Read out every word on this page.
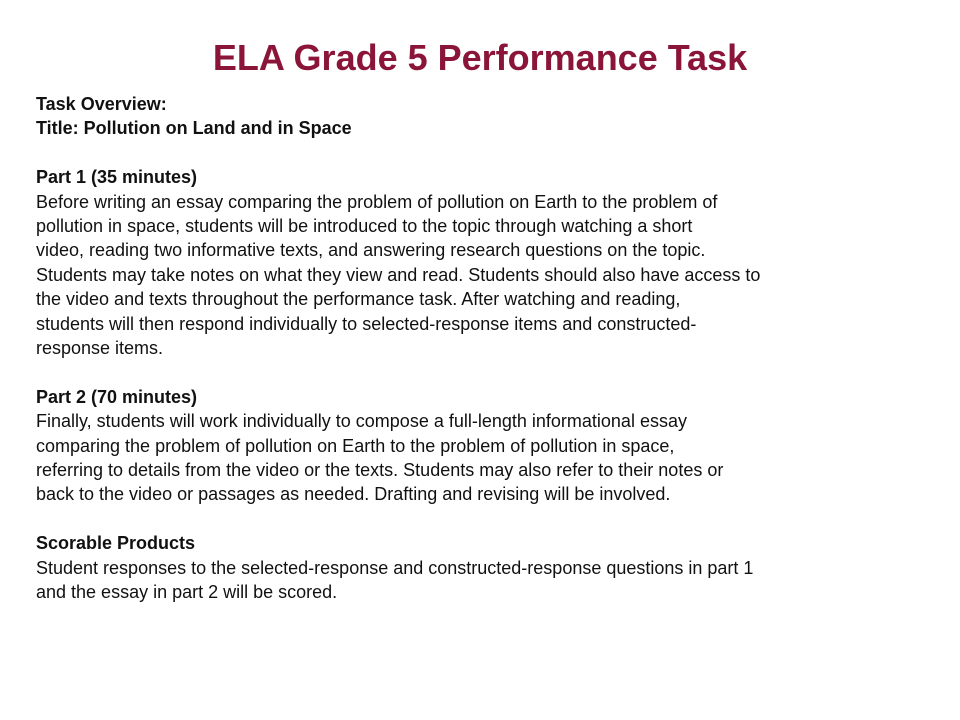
ELA Grade 5 Performance Task
Task Overview:
Title: Pollution on Land and in Space
Part 1 (35 minutes)
Before writing an essay comparing the problem of pollution on Earth to the problem of
pollution in space, students will be introduced to the topic through watching a short
video, reading two informative texts, and answering research questions on the topic.
Students may take notes on what they view and read. Students should also have access to
the video and texts throughout the performance task. After watching and reading,
students will then respond individually to selected-response items and constructed-
response items.
Part 2 (70 minutes)
Finally, students will work individually to compose a full-length informational essay
comparing the problem of pollution on Earth to the problem of pollution in space,
referring to details from the video or the texts. Students may also refer to their notes or
back to the video or passages as needed. Drafting and revising will be involved.
Scorable Products
Student responses to the selected-response and constructed-response questions in part 1
and the essay in part 2 will be scored.
